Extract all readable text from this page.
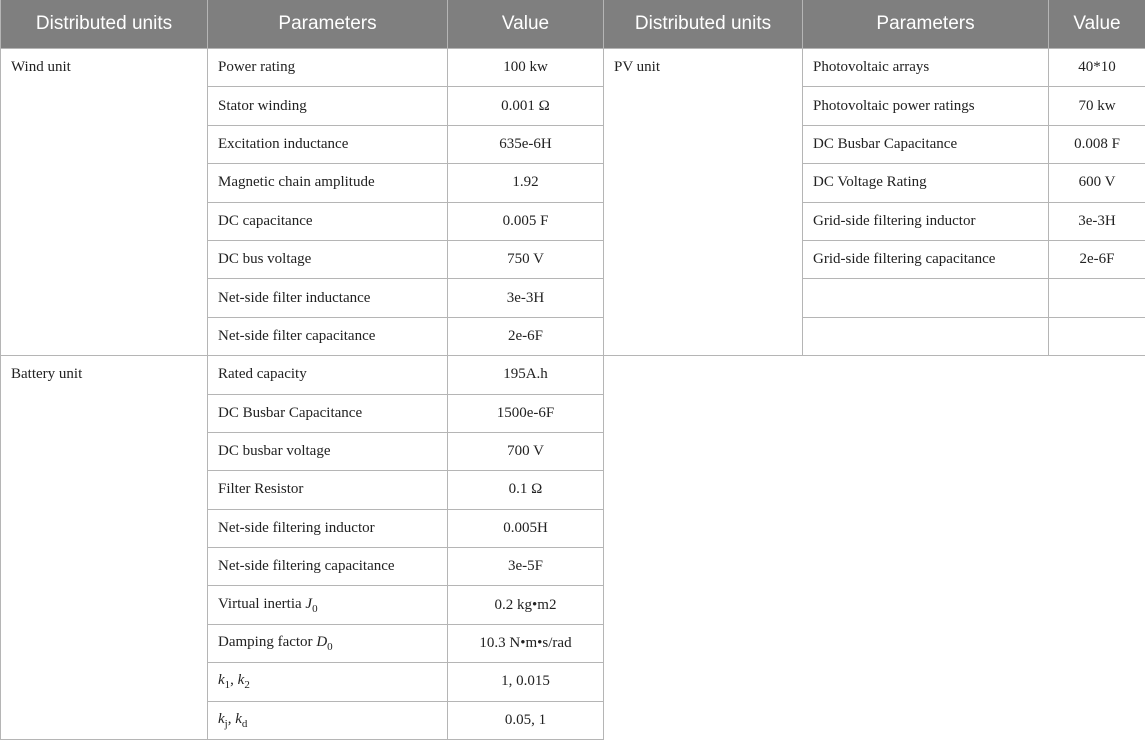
Distributed units	Parameters	Value	Distributed units	Parameters	Value
Wind unit	Power rating	100 kw	PV unit	Photovoltaic arrays	40*10
	Stator winding	0.001 Ω		Photovoltaic power ratings	70 kw
	Excitation inductance	635e-6H		DC Busbar Capacitance	0.008 F
	Magnetic chain amplitude	1.92		DC Voltage Rating	600 V
	DC capacitance	0.005 F		Grid-side filtering inductor	3e-3H
	DC bus voltage	750 V		Grid-side filtering capacitance	2e-6F
	Net-side filter inductance	3e-3H			
	Net-side filter capacitance	2e-6F			
Battery unit	Rated capacity	195A.h			
	DC Busbar Capacitance	1500e-6F			
	DC busbar voltage	700 V			
	Filter Resistor	0.1 Ω			
	Net-side filtering inductor	0.005H			
	Net-side filtering capacitance	3e-5F			
	Virtual inertia $J_0$	0.2 kg•m2			
	Damping factor $D_0$	10.3 N•m•s/rad			
	$k_1$, $k_2$	1, 0.015			
	$k_j$, $k_d$	0.05, 1			
